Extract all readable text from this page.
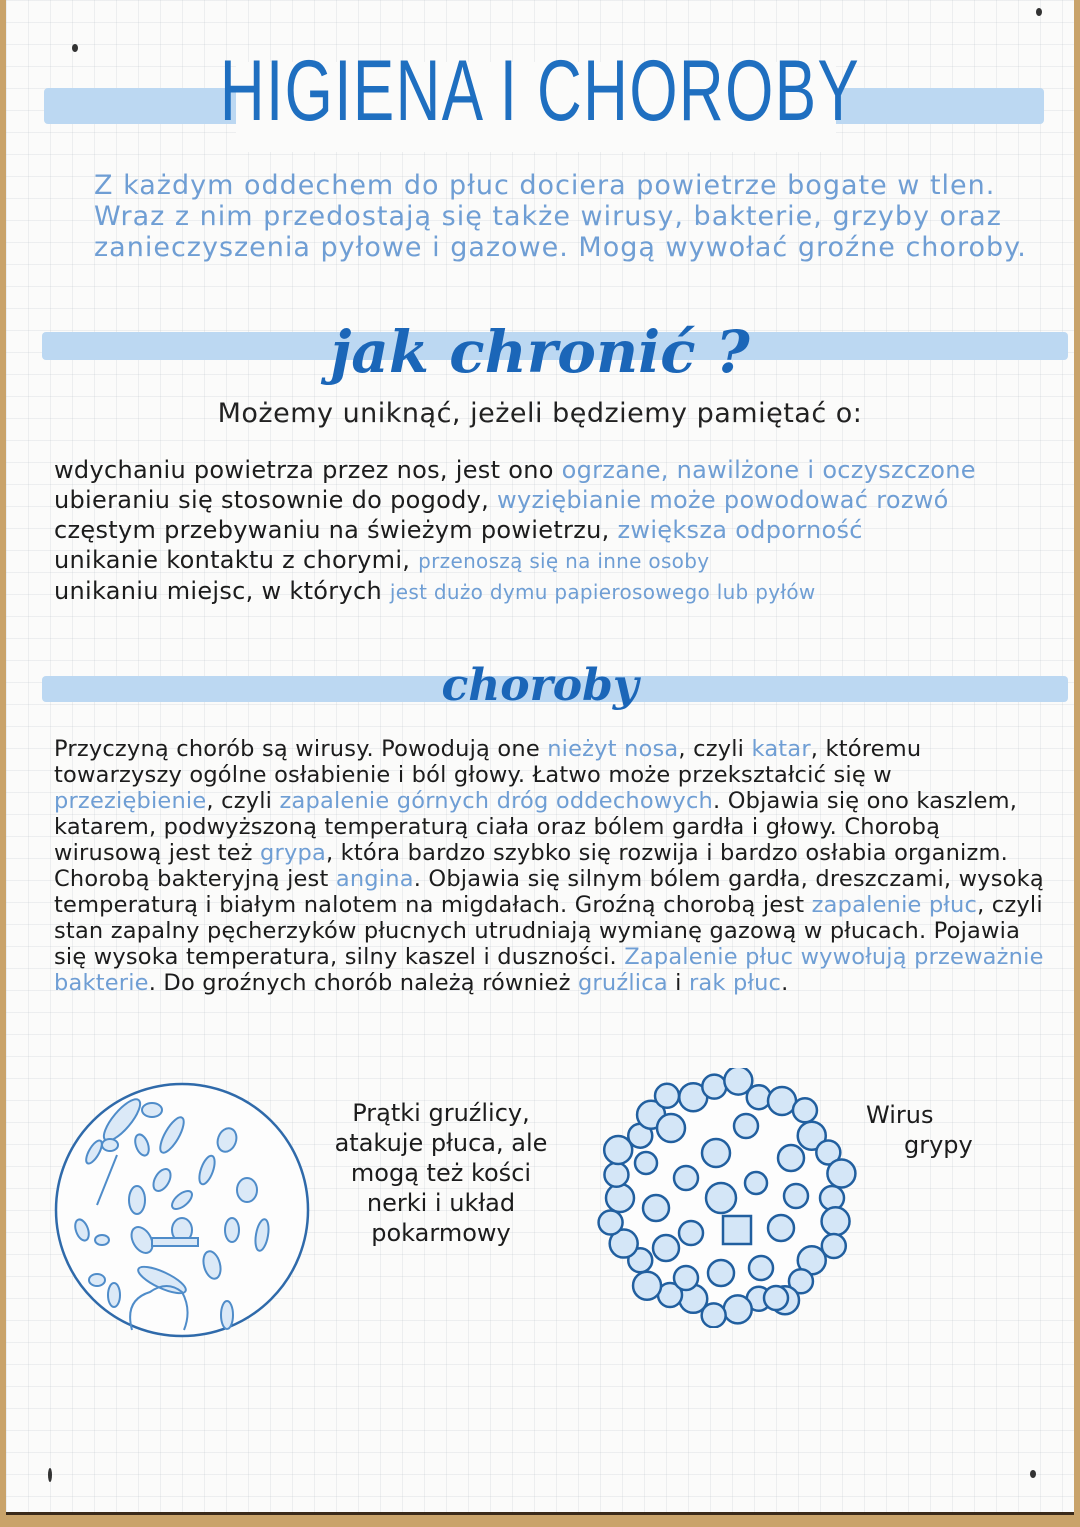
HIGIENA I CHOROBY
Z każdym oddechem do płuc dociera powietrze bogate w tlen.
Wraz z nim przedostają się także wirusy, bakterie, grzyby oraz
zanieczyszenia pyłowe i gazowe. Mogą wywołać groźne choroby.
jak chronić ?
Możemy uniknąć, jeżeli będziemy pamiętać o:
wdychaniu powietrza przez nos, jest ono ogrzane, nawilżone i oczyszczone
ubieraniu się stosownie do pogody, wyziębianie może powodować rozwó
częstym przebywaniu na świeżym powietrzu, zwiększa odporność
unikanie kontaktu z chorymi, przenoszą się na inne osoby
unikaniu miejsc, w których jest dużo dymu papierosowego lub pyłów
choroby
Przyczyną chorób są wirusy. Powodują one nieżyt nosa, czyli katar, któremu towarzyszy ogólne osłabienie i ból głowy. Łatwo może przekształcić się w przeziębienie, czyli zapalenie górnych dróg oddechowych. Objawia się ono kaszlem, katarem, podwyższoną temperaturą ciała oraz bólem gardła i głowy. Chorobą wirusową jest też grypa, która bardzo szybko się rozwija i bardzo osłabia organizm. Chorobą bakteryjną jest angina. Objawia się silnym bólem gardła, dreszczami, wysoką temperaturą i białym nalotem na migdałach. Groźną chorobą jest zapalenie płuc, czyli stan zapalny pęcherzyków płucnych utrudniają wymianę gazową w płucach. Pojawia się wysoka temperatura, silny kaszel i duszności. Zapalenie płuc wywołują przeważnie bakterie. Do groźnych chorób należą również gruźlica i rak płuc.
Prątki gruźlicy,
atakuje płuca, ale
mogą też kości
nerki i układ
pokarmowy
Wirus
grypy
